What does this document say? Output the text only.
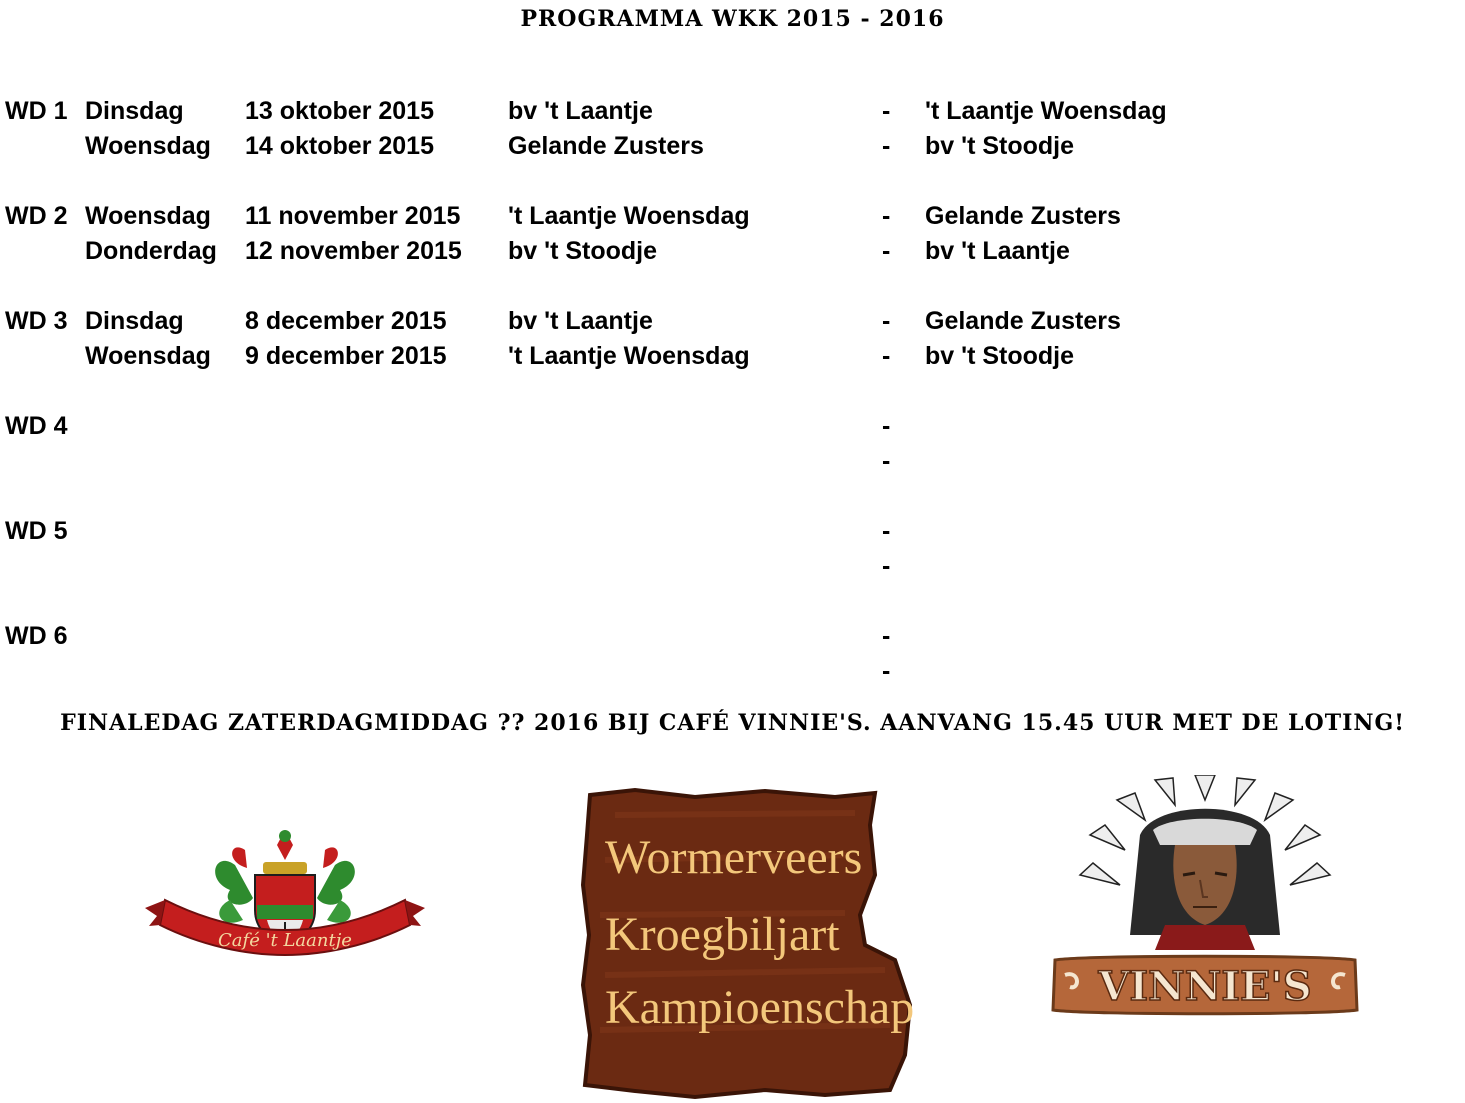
PROGRAMMA WKK 2015 - 2016
WD 1 Dinsdag 13 oktober 2015	bv 't Laantje	- 't Laantje Woensdag
Woensdag 14 oktober 2015	Gelande Zusters	- bv 't Stoodje
WD 2 Woensdag 11 november 2015 't Laantje Woensdag	- Gelande Zusters
Donderdag 12 november 2015 bv 't Stoodje	- bv 't Laantje
WD 3 Dinsdag 8 december 2015 bv 't Laantje	- Gelande Zusters
Woensdag 9 december 2015 't Laantje Woensdag	- bv 't Stoodje
WD 4	-
-
WD 5	-
-
WD 6	-
-
FINALEDAG ZATERDAGMIDDAG ?? 2016 BIJ CAFÉ VINNIE'S. AANVANG 15.45 UUR MET DE LOTING!
Café 't Laantje
Wormerveers
Kroegbiljart
Kampioenschap	VINNIE'S
